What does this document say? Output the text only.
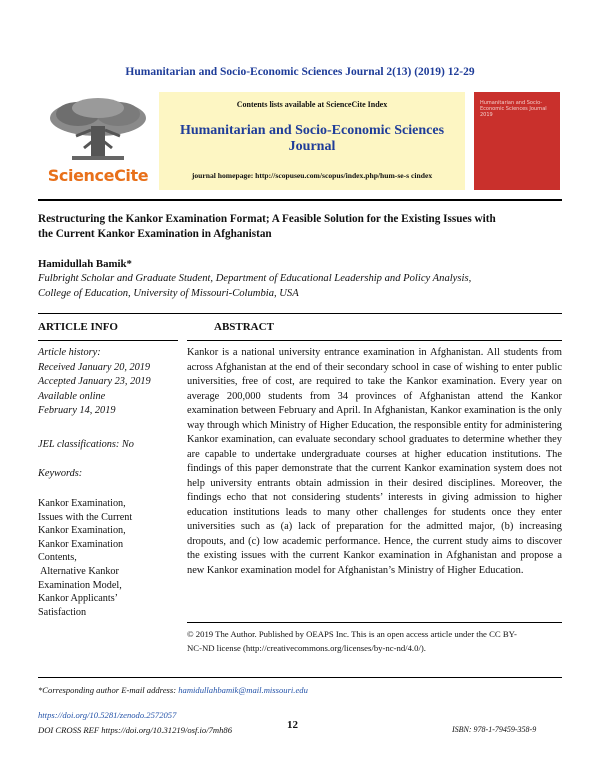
Humanitarian and Socio-Economic Sciences Journal 2(13) (2019) 12-29
ScienceCite
Contents lists available at ScienceCite Index
Humanitarian and Socio-Economic Sciences
Journal
journal homepage: http://scopuseu.com/scopus/index.php/hum-se-s cindex
Humanitarian and Socio-Economic Sciences Journal 2019
Restructuring the Kankor Examination Format; A Feasible Solution for the Existing Issues with
the Current Kankor Examination in Afghanistan
Hamidullah Bamik*
Fulbright Scholar and Graduate Student, Department of Educational Leadership and Policy Analysis,
College of Education, University of Missouri-Columbia, USA
ARTICLE INFO	ABSTRACT
Article history:
Received January 20, 2019
Accepted January 23, 2019
Available online
February 14, 2019
JEL classifications: No
Keywords:
Kankor Examination,
Issues with the Current
Kankor Examination,
Kankor Examination
Contents,
Alternative Kankor
Examination Model,
Kankor Applicants’
Satisfaction
Kankor is a national university entrance examination in Afghanistan. All students from across Afghanistan at the end of their secondary school in case of wishing to enter public universities, free of cost, are required to take the Kankor examination. Every year on average 200,000 students from 34 provinces of Afghanistan attend the Kankor examination between February and April. In Afghanistan, Kankor examination is the only way through which Ministry of Higher Education, the responsible entity for administering Kankor examination, can evaluate secondary school graduates to determine whether they are capable to undertake undergraduate courses at higher education institutions. The findings of this paper demonstrate that the current Kankor examination system does not help university entrants obtain admission in their desired disciplines. Moreover, the findings echo that not considering students’ interests in giving admission to higher education institutions leads to many other challenges for students once they enter universities such as (a) lack of preparation for the admitted major, (b) increasing dropouts, and (c) low academic performance. Hence, the current study aims to discover the existing issues with the current Kankor examination in Afghanistan and propose a new Kankor examination model for Afghanistan’s Ministry of Higher Education.
© 2019 The Author. Published by OEAPS Inc. This is an open access article under the CC BY-
NC-ND license (http://creativecommons.org/licenses/by-nc-nd/4.0/).
*Corresponding author E-mail address: hamidullahbamik@mail.missouri.edu
https://doi.org/10.5281/zenodo.2572057
12
DOI CROSS REF https://doi.org/10.31219/osf.io/7mh86	ISBN: 978-1-79459-358-9
